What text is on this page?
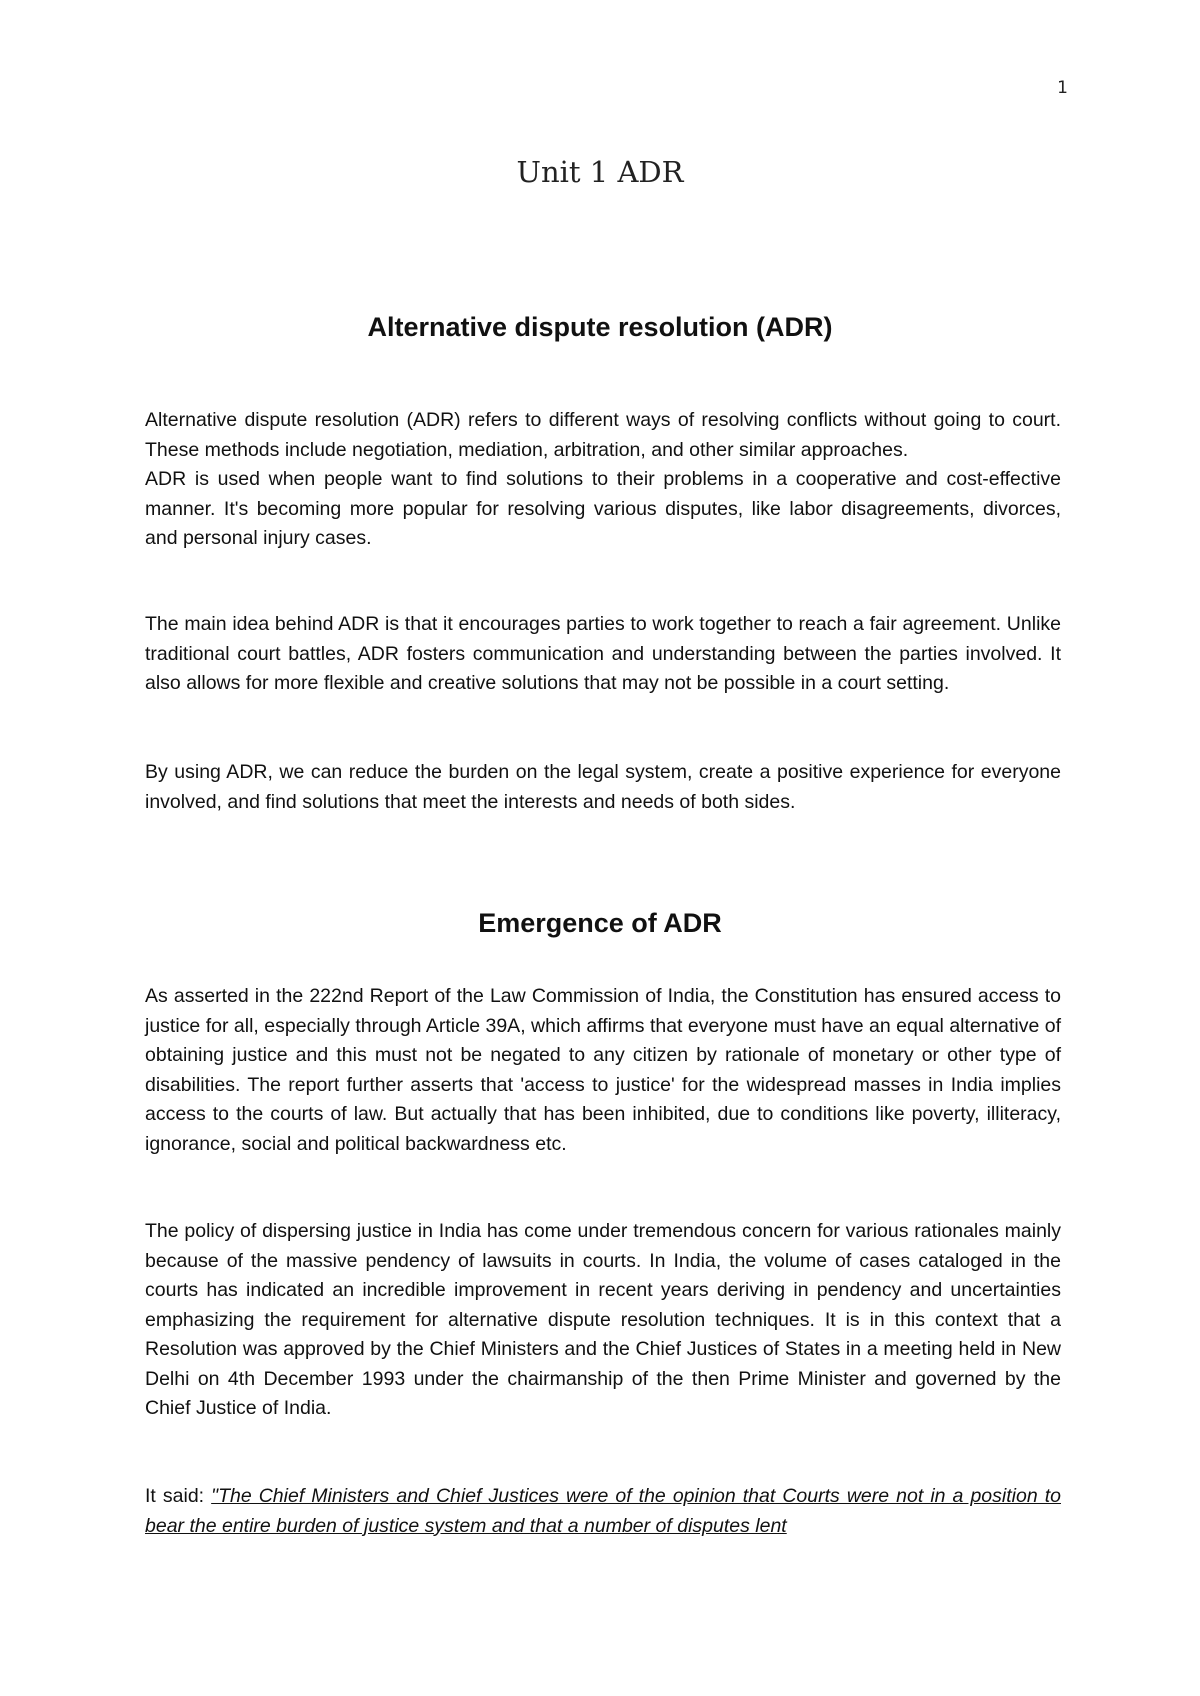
1
Unit 1 ADR
Alternative dispute resolution (ADR)

Alternative dispute resolution (ADR) refers to different ways of resolving conflicts without going to court. These methods include negotiation, mediation, arbitration, and other similar approaches.

ADR is used when people want to find solutions to their problems in a cooperative and cost-effective manner. It's becoming more popular for resolving various disputes, like labor disagreements, divorces, and personal injury cases.

The main idea behind ADR is that it encourages parties to work together to reach a fair agreement. Unlike traditional court battles, ADR fosters communication and understanding between the parties involved. It also allows for more flexible and creative solutions that may not be possible in a court setting.

By using ADR, we can reduce the burden on the legal system, create a positive experience for everyone involved, and find solutions that meet the interests and needs of both sides.

Emergence of ADR

As asserted in the 222nd Report of the Law Commission of India, the Constitution has ensured access to justice for all, especially through Article 39A, which affirms that everyone must have an equal alternative of obtaining justice and this must not be negated to any citizen by rationale of monetary or other type of disabilities. The report further asserts that 'access to justice' for the widespread masses in India implies access to the courts of law. But actually that has been inhibited, due to conditions like poverty, illiteracy, ignorance, social and political backwardness etc.

The policy of dispersing justice in India has come under tremendous concern for various rationales mainly because of the massive pendency of lawsuits in courts. In India, the volume of cases cataloged in the courts has indicated an incredible improvement in recent years deriving in pendency and uncertainties emphasizing the requirement for alternative dispute resolution techniques. It is in this context that a Resolution was approved by the Chief Ministers and the Chief Justices of States in a meeting held in New Delhi on 4th December 1993 under the chairmanship of the then Prime Minister and governed by the Chief Justice of India.

It said: "The Chief Ministers and Chief Justices were of the opinion that Courts were not in a position to bear the entire burden of justice system and that a number of disputes lent
